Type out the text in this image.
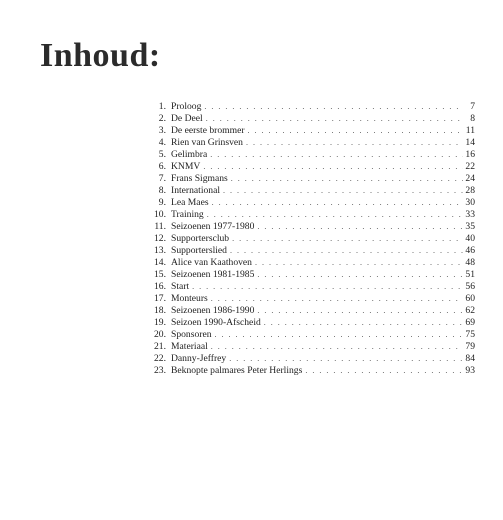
Inhoud:
1. Proloog . . .	7
2. De Deel . . .	8
3. De eerste brommer . . .	11
4. Rien van Grinsven . . .	14
5. Gelimbra . . .	16
6. KNMV . . .	22
7. Frans Sigmans . . .	24
8. International . . .	28
9. Lea Maes . . .	30
10. Training . . .	33
11. Seizoenen 1977-1980 . . .	35
12. Supportersclub . . .	40
13. Supporterslied . . .	46
14. Alice van Kaathoven . . .	48
15. Seizoenen 1981-1985 . . .	51
16. Start . . .	56
17. Monteurs . . .	60
18. Seizoenen 1986-1990 . . .	62
19. Seizoen 1990-Afscheid . . .	69
20. Sponsoren . . .	75
21. Materiaal . . .	79
22. Danny-Jeffrey . . .	84
23. Beknopte palmares Peter Herlings . . .	93
